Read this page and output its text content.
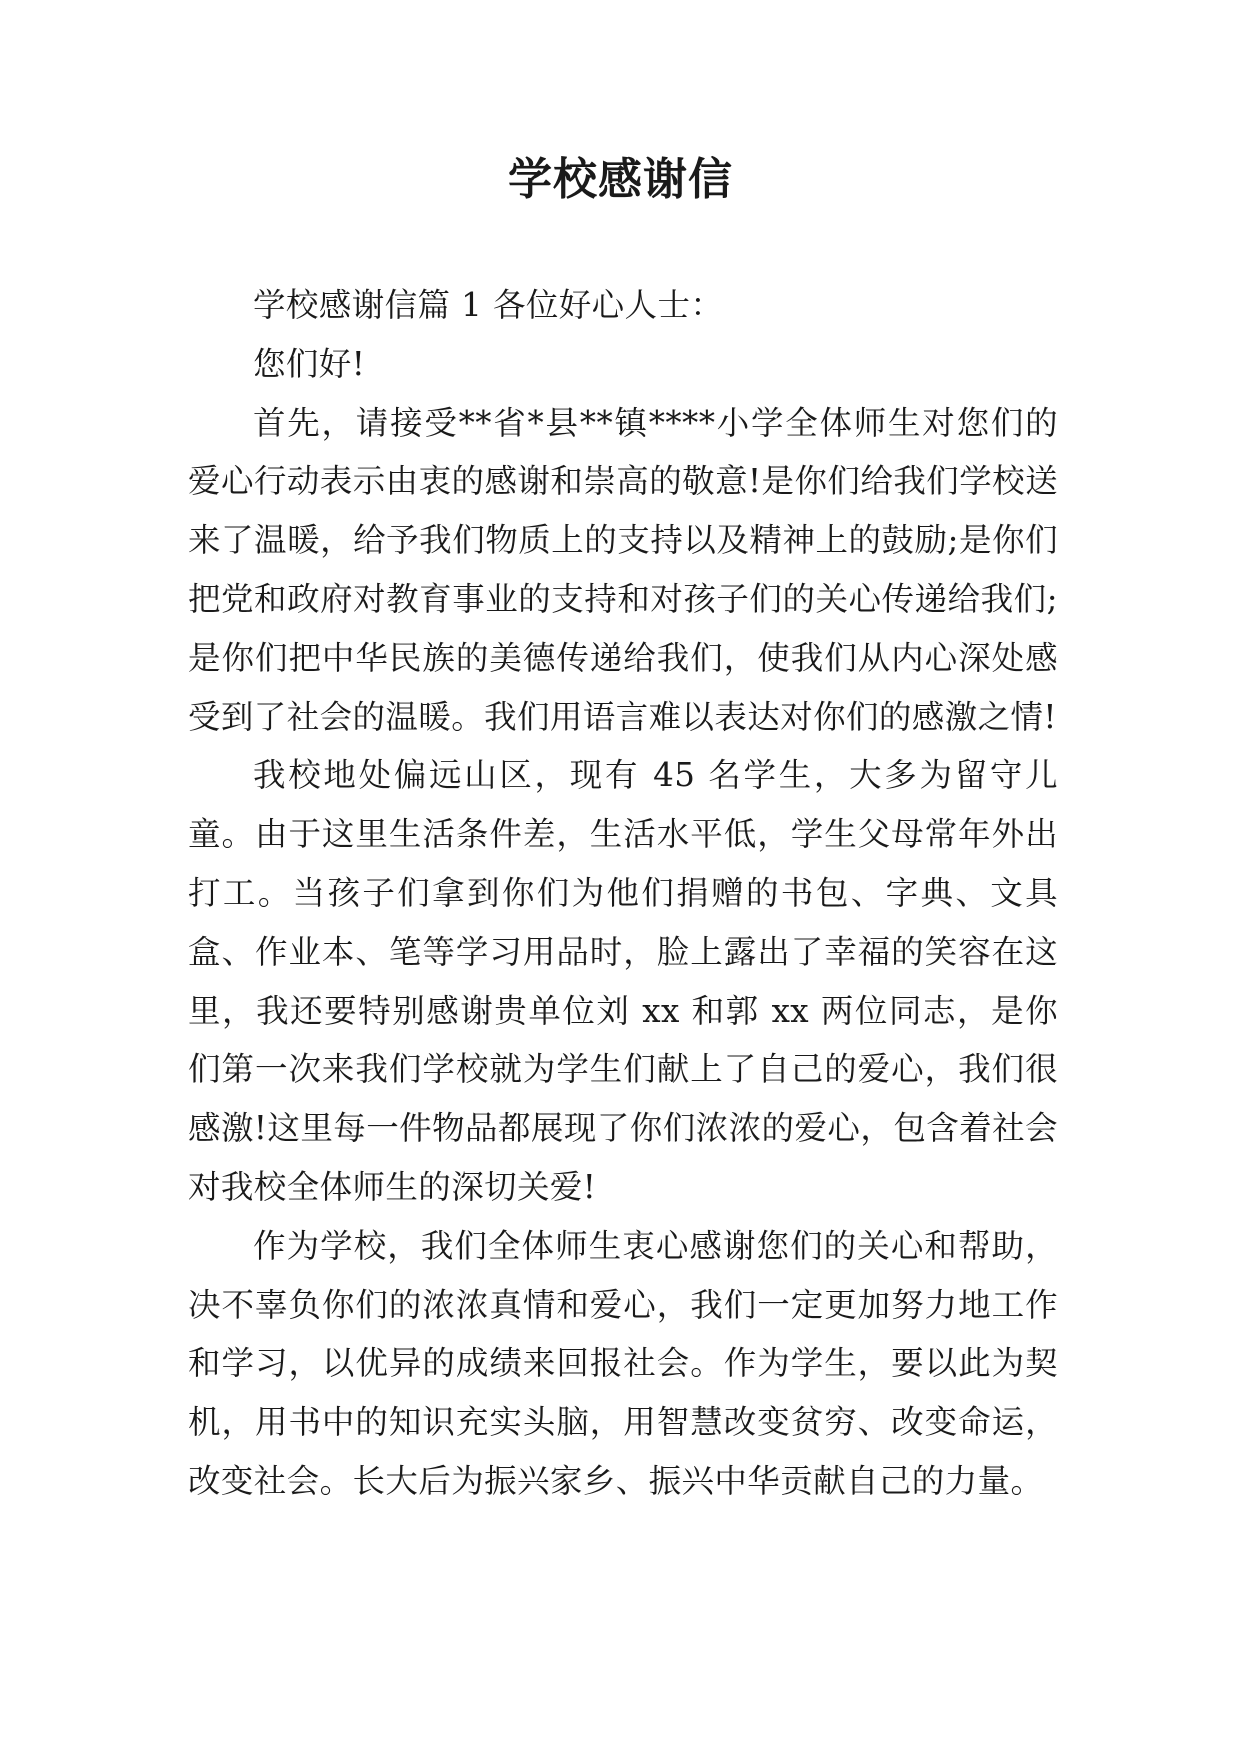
学校感谢信

学校感谢信篇 1 各位好心人士：

您们好!

首先，请接受**省*县**镇****小学全体师生对您们的爱心行动表示由衷的感谢和崇高的敬意!是你们给我们学校送来了温暖，给予我们物质上的支持以及精神上的鼓励;是你们把党和政府对教育事业的支持和对孩子们的关心传递给我们;是你们把中华民族的美德传递给我们，使我们从内心深处感受到了社会的温暖。我们用语言难以表达对你们的感激之情!

我校地处偏远山区，现有 45 名学生，大多为留守儿童。由于这里生活条件差，生活水平低，学生父母常年外出打工。当孩子们拿到你们为他们捐赠的书包、字典、文具盒、作业本、笔等学习用品时，脸上露出了幸福的笑容在这里，我还要特别感谢贵单位刘 xx 和郭 xx 两位同志，是你们第一次来我们学校就为学生们献上了自己的爱心，我们很感激!这里每一件物品都展现了你们浓浓的爱心，包含着社会对我校全体师生的深切关爱!

作为学校，我们全体师生衷心感谢您们的关心和帮助，决不辜负你们的浓浓真情和爱心，我们一定更加努力地工作和学习，以优异的成绩来回报社会。作为学生，要以此为契机，用书中的知识充实头脑，用智慧改变贫穷、改变命运，改变社会。长大后为振兴家乡、振兴中华贡献自己的力量。
